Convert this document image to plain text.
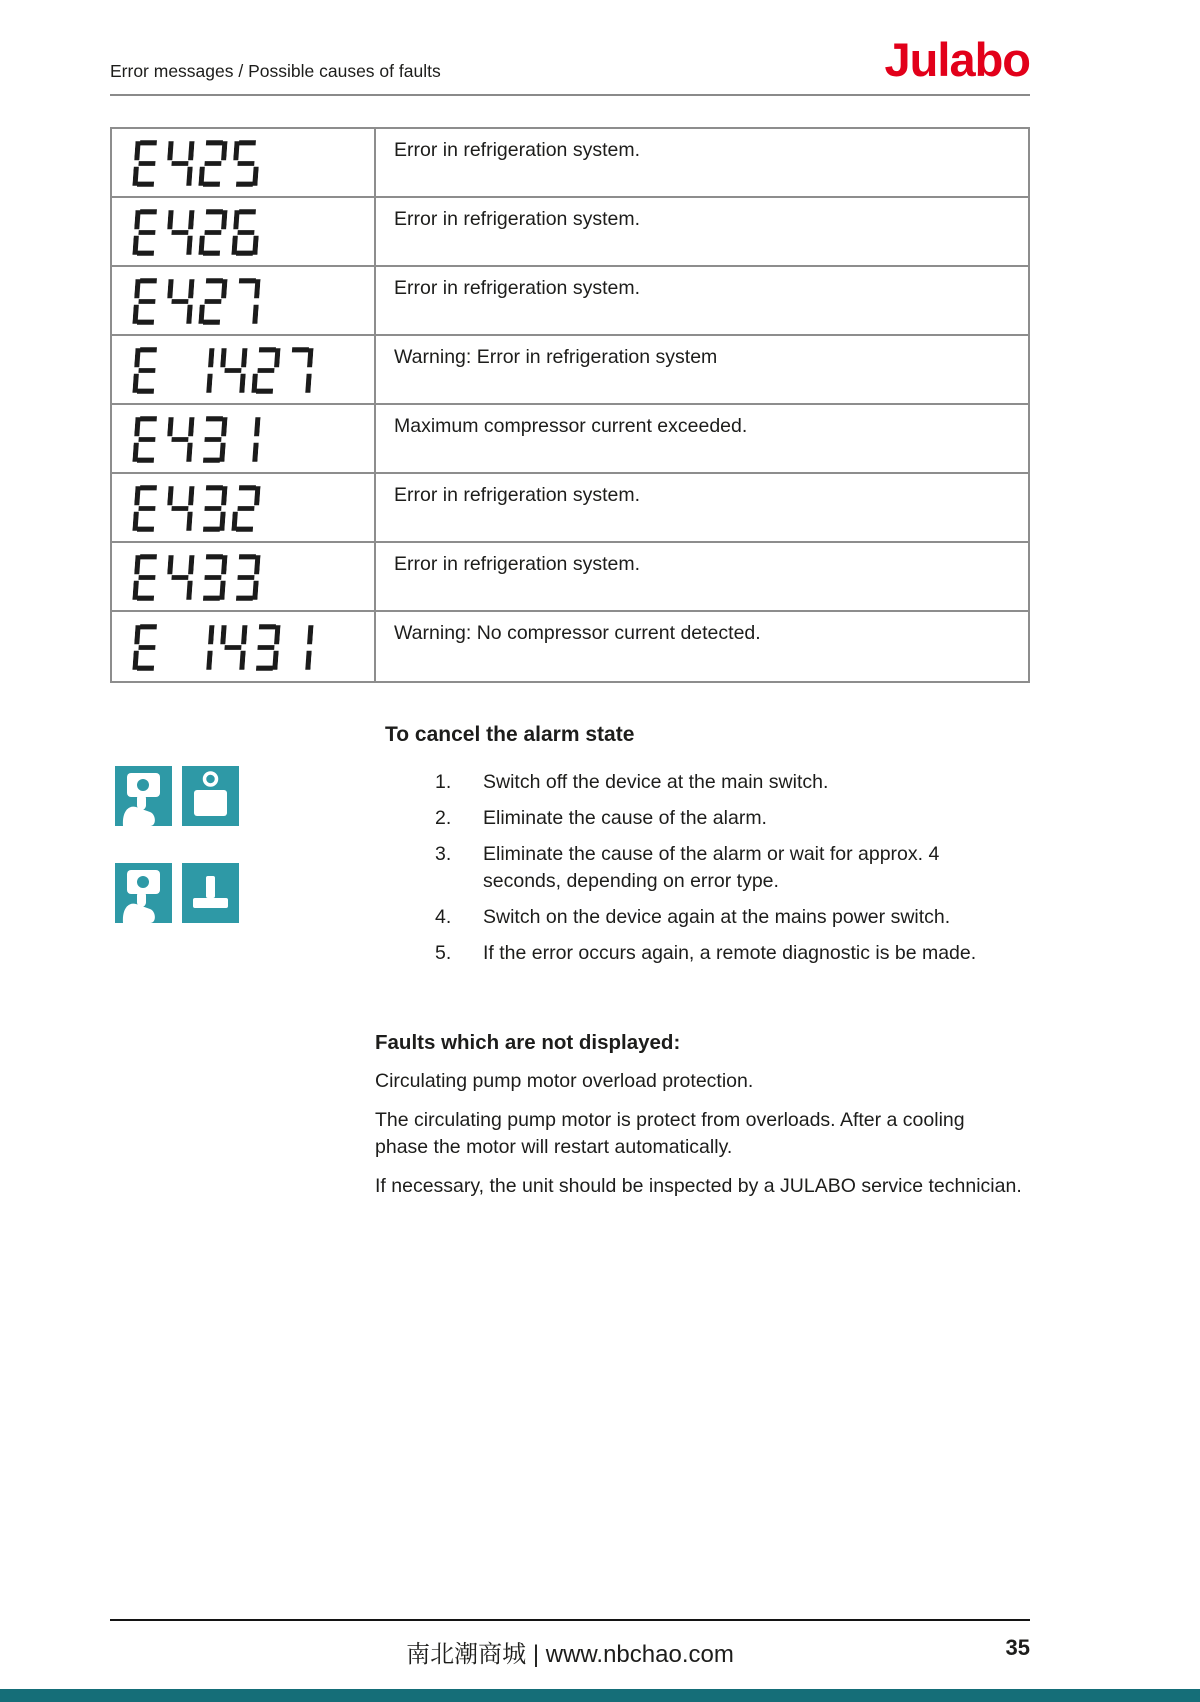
Error messages / Possible causes of faults	Julabo
Error in refrigeration system.
Error in refrigeration system.
Error in refrigeration system.
Warning: Error in refrigeration system
Maximum compressor current exceeded.
Error in refrigeration system.
Error in refrigeration system.
Warning: No compressor current detected.
To cancel the alarm state
1.	Switch off the device at the main switch.
2.	Eliminate the cause of the alarm.
3.	Eliminate the cause of the alarm or wait for approx. 4 seconds, depending on error type.
4.	Switch on the device again at the mains power switch.
5.	If the error occurs again, a remote diagnostic is be made.
Faults which are not displayed:

Circulating pump motor overload protection.

The circulating pump motor is protect from overloads. After a cooling phase the motor will restart automatically.

If necessary, the unit should be inspected by a JULABO service technician.

南北潮商城 | www.nbchao.com	35
